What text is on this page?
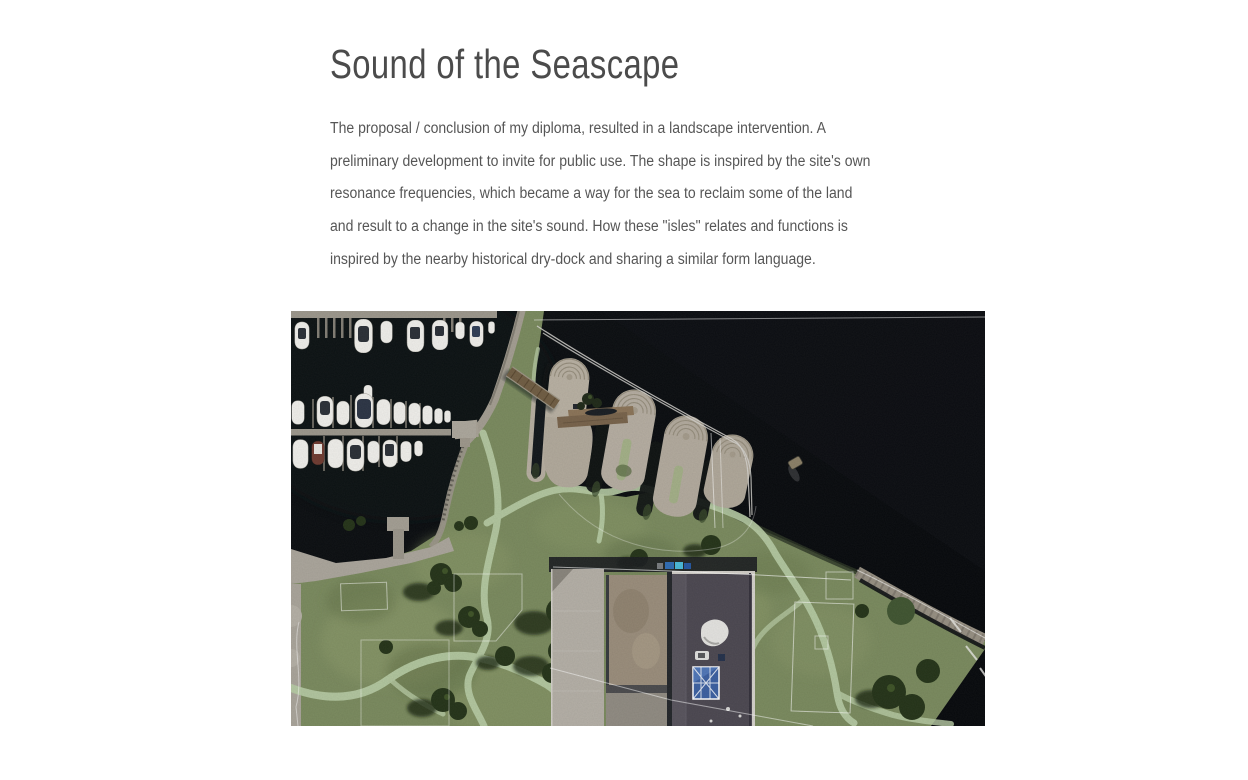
Sound of the Seascape
The proposal / conclusion of my diploma, resulted in a landscape intervention. A
preliminary development to invite for public use. The shape is inspired by the site's own
resonance frequencies, which became a way for the sea to reclaim some of the land
and result to a change in the site's sound. How these "isles" relates and functions is
inspired by the nearby historical dry-dock and sharing a similar form language.
